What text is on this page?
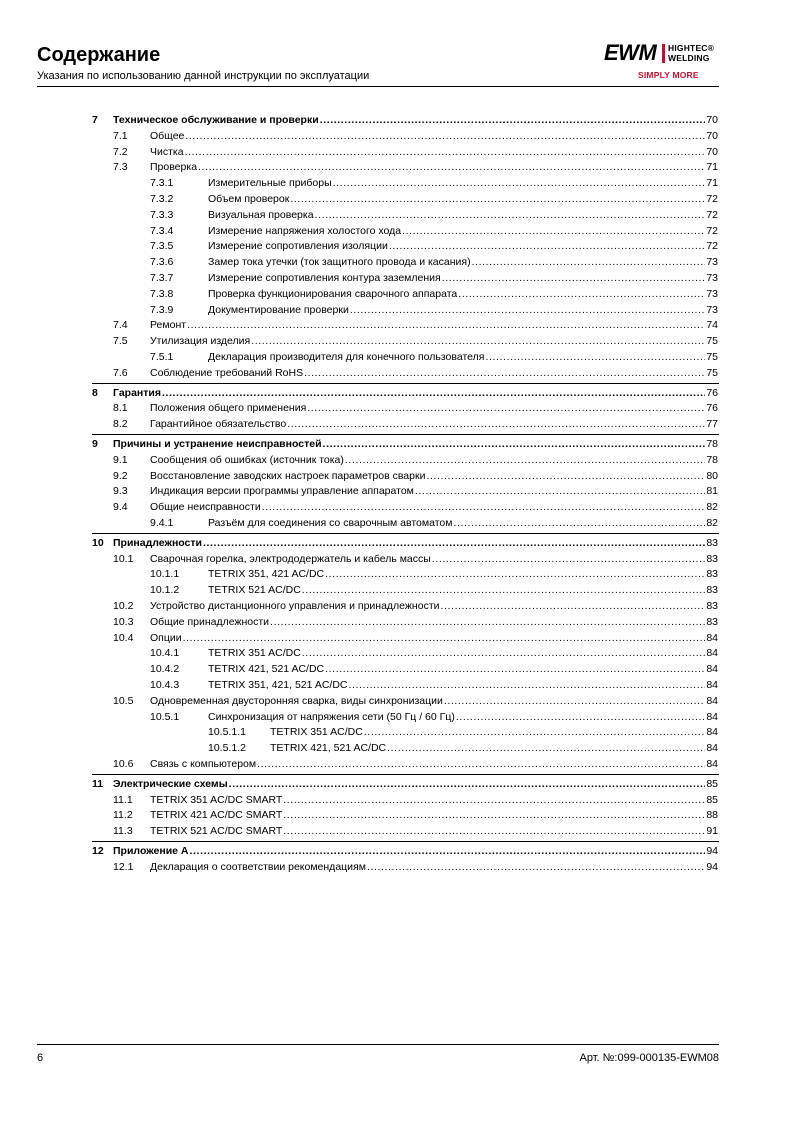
Содержание
Указания по использованию данной инструкции по эксплуатации
EWM HIGHTEC®
WELDING
SIMPLY MORE
7 Техническое обслуживание и проверки .....	70
7.1 Общее .....	70
7.2 Чистка .....	70
7.3 Проверка .....	71
7.3.1	Измерительные приборы .....	71
7.3.2	Объем проверок .....	72
7.3.3	Визуальная проверка .....	72
7.3.4	Измерение напряжения холостого хода .....	72
7.3.5	Измерение сопротивления изоляции .....	72
7.3.6	Замер тока утечки (ток защитного провода и касания) .....	73
7.3.7	Измерение сопротивления контура заземления .....	73
7.3.8	Проверка функционирования сварочного аппарата .....	73
7.3.9	Документирование проверки .....	73
7.4 Ремонт .....	74
7.5 Утилизация изделия .....	75
7.5.1	Декларация производителя для конечного пользователя .....	75
7.6 Соблюдение требований RoHS .....	75
8 Гарантия .....	76
8.1 Положения общего применения .....	76
8.2 Гарантийное обязательство .....	77
9 Причины и устранение неисправностей .....	78
9.1 Сообщения об ошибках (источник тока) .....	78
9.2 Восстановление заводских настроек параметров сварки .....	80
9.3 Индикация версии программы управление аппаратом .....	81
9.4 Общие неисправности .....	82
9.4.1	Разъём для соединения со сварочным автоматом .....	82
10 Принадлежности .....	83
10.1 Сварочная горелка, электрододержатель и кабель массы .....	83
10.1.1	TETRIX 351, 421 AC/DC .....	83
10.1.2	TETRIX 521 AC/DC .....	83
10.2 Устройство дистанционного управления и принадлежности .....	83
10.3 Общие принадлежности .....	83
10.4 Опции .....	84
10.4.1	TETRIX 351 AC/DC .....	84
10.4.2	TETRIX 421, 521 AC/DC .....	84
10.4.3	TETRIX 351, 421, 521 AC/DC .....	84
10.5 Одновременная двусторонняя сварка, виды синхронизации .....	84
10.5.1	Синхронизация от напряжения сети (50 Гц / 60 Гц) .....	84
10.5.1.1 TETRIX 351 AC/DC .....	84
10.5.1.2 TETRIX 421, 521 AC/DC .....	84
10.6 Связь с компьютером .....	84
11 Электрические схемы .....	85
11.1 TETRIX 351 AC/DC SMART .....	85
11.2 TETRIX 421 AC/DC SMART .....	88
11.3 TETRIX 521 AC/DC SMART .....	91
12 Приложение A .....	94
12.1 Декларация о соответствии рекомендациям .....	94
6	Арт. №:099-000135-EWM08
